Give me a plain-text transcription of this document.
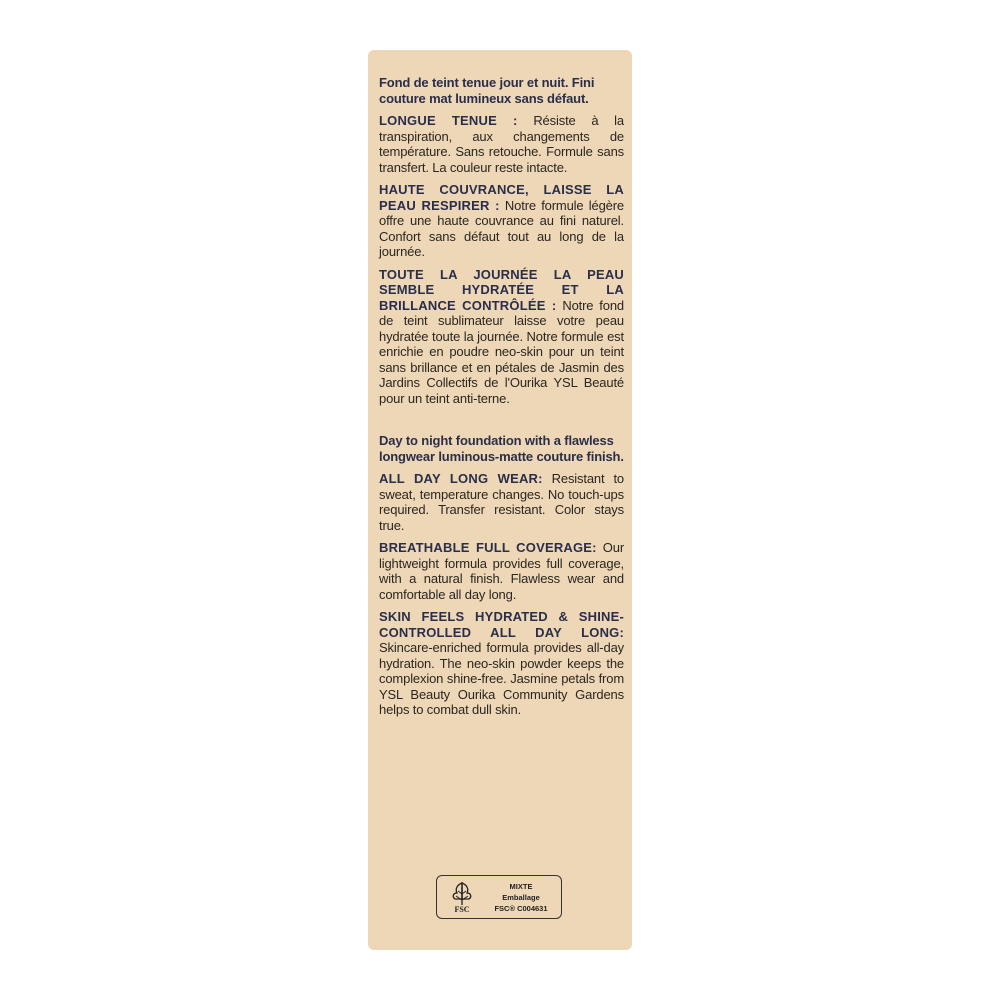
Fond de teint tenue jour et nuit. Fini couture mat lumineux sans défaut.

LONGUE TENUE : Résiste à la transpiration, aux changements de température. Sans retouche. Formule sans transfert. La couleur reste intacte.

HAUTE COUVRANCE, LAISSE LA PEAU RESPIRER : Notre formule légère offre une haute couvrance au fini naturel. Confort sans défaut tout au long de la journée.

TOUTE LA JOURNÉE LA PEAU SEMBLE HYDRATÉE ET LA BRILLANCE CONTRÔLÉE : Notre fond de teint sublimateur laisse votre peau hydratée toute la journée. Notre formule est enrichie en poudre neo-skin pour un teint sans brillance et en pétales de Jasmin des Jardins Collectifs de l'Ourika YSL Beauté pour un teint anti-terne.

Day to night foundation with a flawless longwear luminous-matte couture finish.

ALL DAY LONG WEAR: Resistant to sweat, temperature changes. No touch-ups required. Transfer resistant. Color stays true.

BREATHABLE FULL COVERAGE: Our lightweight formula provides full coverage, with a natural finish. Flawless wear and comfortable all day long.

SKIN FEELS HYDRATED & SHINE-CONTROLLED ALL DAY LONG: Skincare-enriched formula provides all-day hydration. The neo-skin powder keeps the complexion shine-free. Jasmine petals from YSL Beauty Ourika Community Gardens helps to combat dull skin.

FSC
MIXTE
Emballage
FSC® C004631
